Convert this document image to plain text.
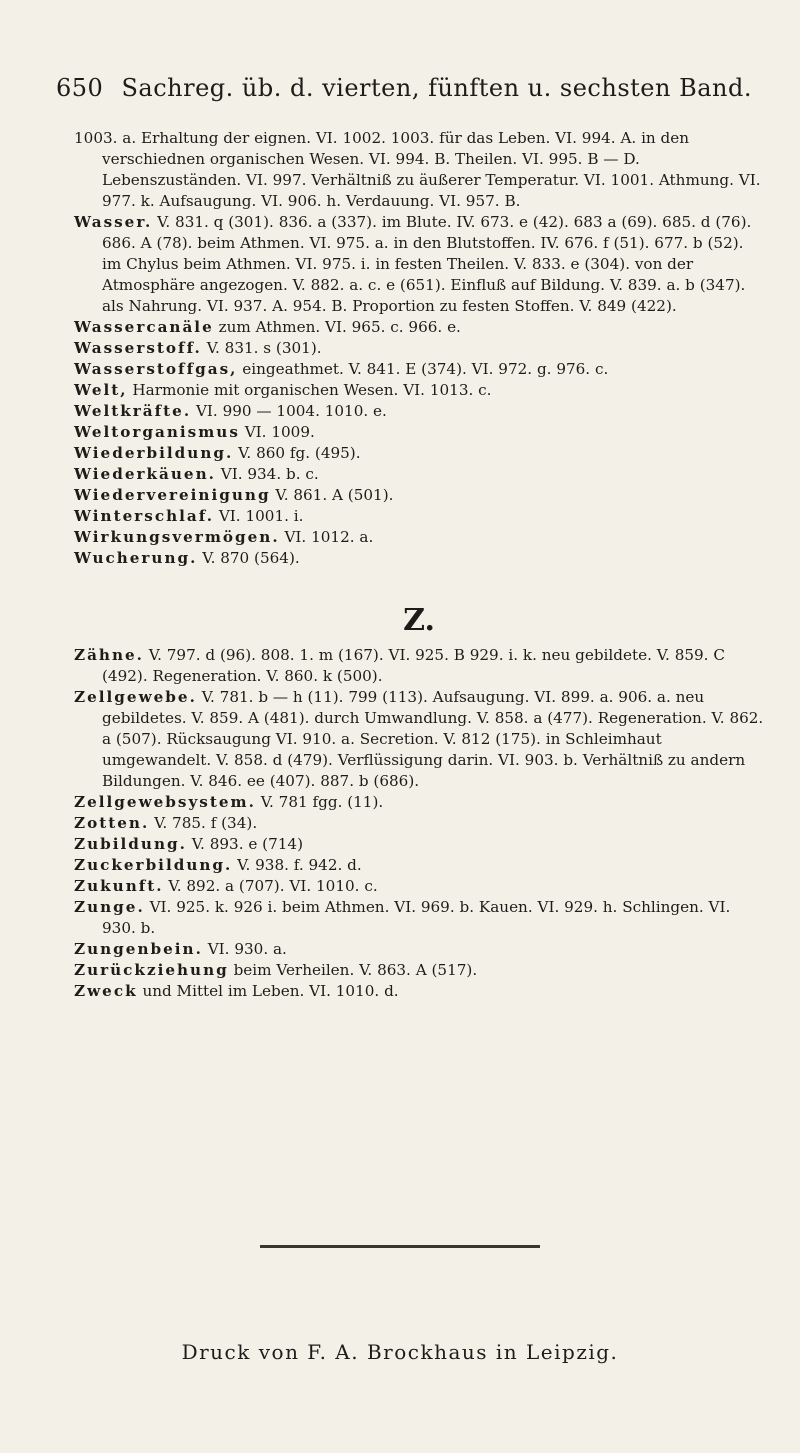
650 Sachreg. üb. d. vierten, fünften u. sechsten Band.

1003. a. Erhaltung der eignen. VI. 1002. 1003. für das Leben. VI. 994. A. in den verschiednen organischen Wesen. VI. 994. B. Theilen. VI. 995. B — D. Lebenszuständen. VI. 997. Verhältniß zu äußerer Temperatur. VI. 1001. Athmung. VI. 977. k. Aufsaugung. VI. 906. h. Verdauung. VI. 957. B.

Wasser. V. 831. q (301). 836. a (337). im Blute. IV. 673. e (42). 683 a (69). 685. d (76). 686. A (78). beim Athmen. VI. 975. a. in den Blutstoffen. IV. 676. f (51). 677. b (52). im Chylus beim Athmen. VI. 975. i. in festen Theilen. V. 833. e (304). von der Atmosphäre angezogen. V. 882. a. c. e (651). Einfluß auf Bildung. V. 839. a. b (347). als Nahrung. VI. 937. A. 954. B. Proportion zu festen Stoffen. V. 849 (422).

Wassercanäle zum Athmen. VI. 965. c. 966. e.

Wasserstoff. V. 831. s (301).

Wasserstoffgas, eingeathmet. V. 841. E (374). VI. 972. g. 976. c.

Welt, Harmonie mit organischen Wesen. VI. 1013. c.

Weltkräfte. VI. 990 — 1004. 1010. e.

Weltorganismus VI. 1009.

Wiederbildung. V. 860 fg. (495).

Wiederkäuen. VI. 934. b. c.

Wiedervereinigung V. 861. A (501).

Winterschlaf. VI. 1001. i.

Wirkungsvermögen. VI. 1012. a.

Wucherung. V. 870 (564).

Z.

Zähne. V. 797. d (96). 808. 1. m (167). VI. 925. B 929. i. k. neu gebildete. V. 859. C (492). Regeneration. V. 860. k (500).

Zellgewebe. V. 781. b — h (11). 799 (113). Aufsaugung. VI. 899. a. 906. a. neu gebildetes. V. 859. A (481). durch Umwandlung. V. 858. a (477). Regeneration. V. 862. a (507). Rücksaugung VI. 910. a. Secretion. V. 812 (175). in Schleimhaut umgewandelt. V. 858. d (479). Verflüssigung darin. VI. 903. b. Verhältniß zu andern Bildungen. V. 846. ee (407). 887. b (686).

Zellgewebsystem. V. 781 fgg. (11).

Zotten. V. 785. f (34).

Zubildung. V. 893. e (714)

Zuckerbildung. V. 938. f. 942. d.

Zukunft. V. 892. a (707). VI. 1010. c.

Zunge. VI. 925. k. 926 i. beim Athmen. VI. 969. b. Kauen. VI. 929. h. Schlingen. VI. 930. b.

Zungenbein. VI. 930. a.

Zurückziehung beim Verheilen. V. 863. A (517).

Zweck und Mittel im Leben. VI. 1010. d.

Druck von F. A. Brockhaus in Leipzig.
